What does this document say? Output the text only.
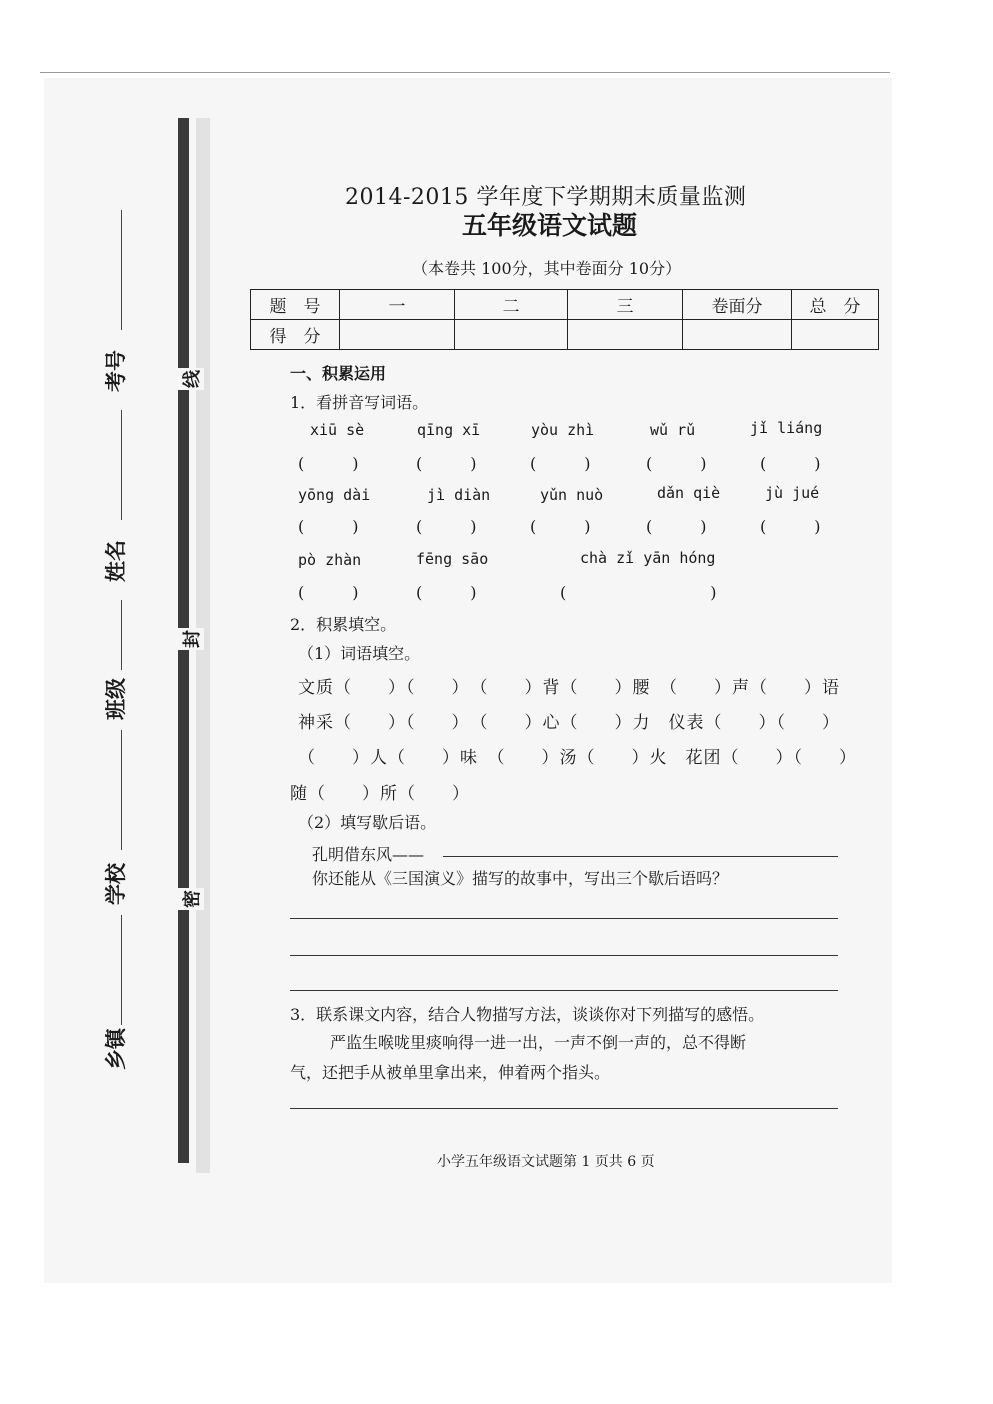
考号
姓名
班级
学校
乡镇
线
封
密
2014-2015 学年度下学期期末质量监测
五年级语文试题
（本卷共 100分，其中卷面分 10分）
题　号	一	二	三	卷面分	总　分
得　分					
一、积累运用
1．看拼音写词语。
xiū sè	qīng xī	yòu zhì	wǔ rǔ	jǐ liáng
(　　　)	(　　　)	(　　　)	(　　　)	(　　　)
yōng dài	jì diàn	yǔn nuò	dǎn qiè	jù jué
(　　　)	(　　　)	(　　　)	(　　　)	(　　　)
pò zhàn	fēng sāo	chà zǐ yān hóng
(　　　)	(　　　)	(　　　　　　　　　)
2．积累填空。
（1）词语填空。
文质（　　）（　　）　（　　）背（　　）腰　（　　）声（　　）语
神采（　　）（　　）　（　　）心（　　）力　仪表（　　）（　　）
（　　）人（　　）味　（　　）汤（　　）火　花团（　　）（　　）
随（　　）所（　　）
（2）填写歇后语。
孔明借东风——
你还能从《三国演义》描写的故事中，写出三个歇后语吗？
3．联系课文内容，结合人物描写方法，谈谈你对下列描写的感悟。
严监生喉咙里痰响得一进一出，一声不倒一声的，总不得断
气，还把手从被单里拿出来，伸着两个指头。
小学五年级语文试题第 1 页共 6 页
